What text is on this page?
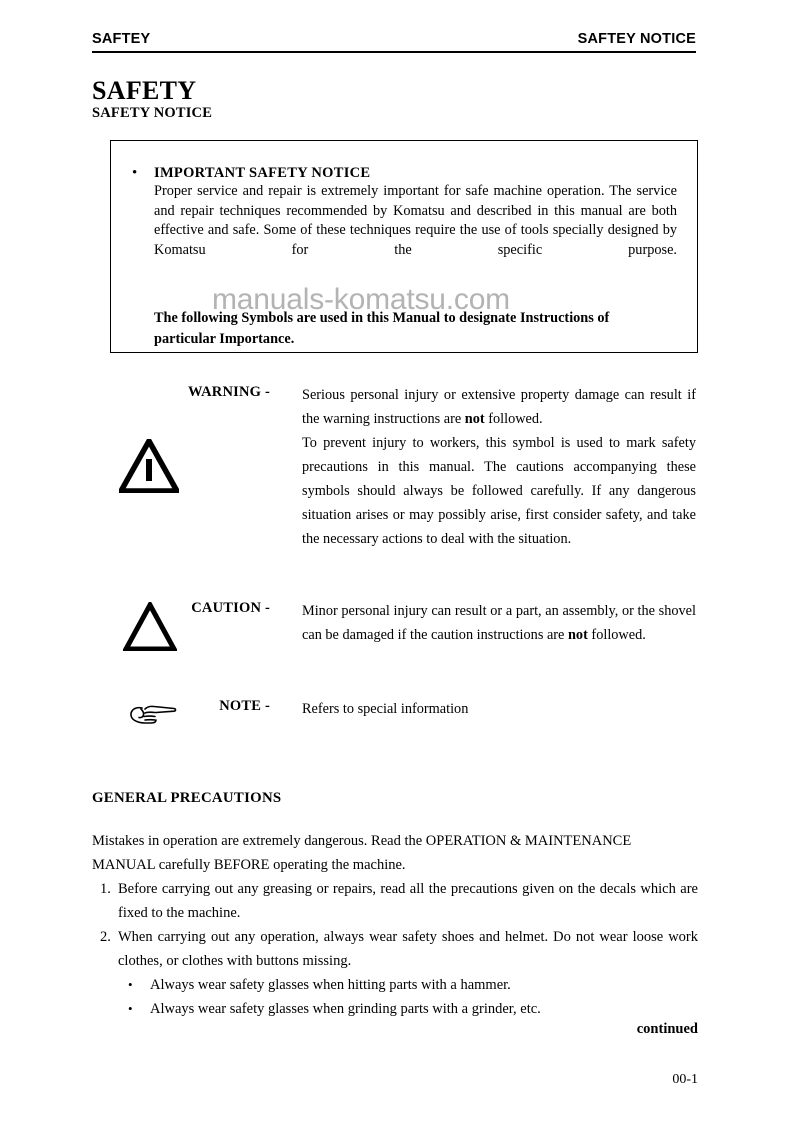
SAFTEY	SAFTEY NOTICE
SAFETY
SAFETY NOTICE
•	IMPORTANT SAFETY NOTICE
Proper service and repair is extremely important for safe machine operation. The service and repair techniques recommended by Komatsu and described in this manual are both effective and safe. Some of these techniques require the use of tools specially designed by Komatsu for the specific purpose.
The following Symbols are used in this Manual to designate Instructions of
particular Importance.
manuals-komatsu.com
WARNING - Serious personal injury or extensive property damage can result if the warning instructions are not followed.
To prevent injury to workers, this symbol is used to mark safety precautions in this manual. The cautions accompanying these symbols should always be followed carefully. If any dangerous situation arises or may possibly arise, first consider safety, and take the necessary actions to deal with the situation.
CAUTION - Minor personal injury can result or a part, an assembly, or the shovel can be damaged if the caution instructions are not followed.
NOTE - Refers to special information
GENERAL PRECAUTIONS
Mistakes in operation are extremely dangerous. Read the OPERATION & MAINTENANCE
MANUAL carefully BEFORE operating the machine.
1. Before carrying out any greasing or repairs, read all the precautions given on the decals which are fixed to the machine.
2. When carrying out any operation, always wear safety shoes and helmet. Do not wear loose work clothes, or clothes with buttons missing.
•	Always wear safety glasses when hitting parts with a hammer.
•	Always wear safety glasses when grinding parts with a grinder, etc.
continued
00-1
